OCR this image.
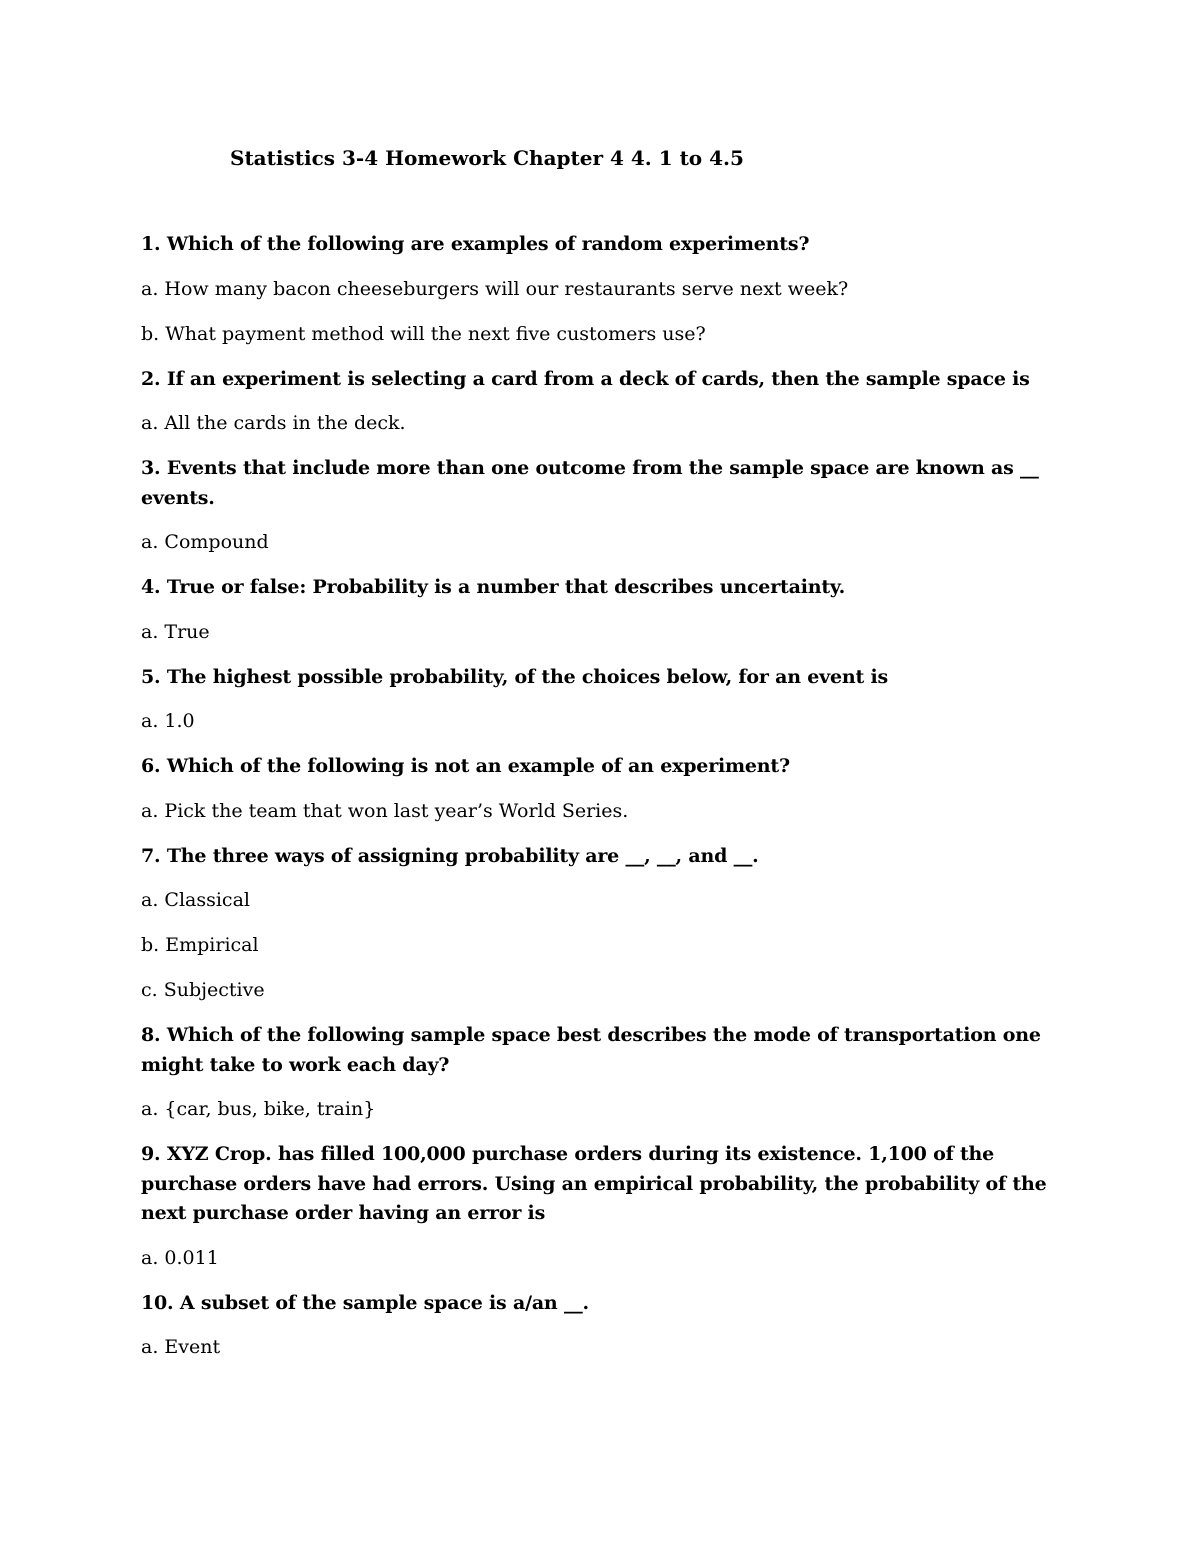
Statistics 3-4 Homework Chapter 4 4. 1 to 4.5
1. Which of the following are examples of random experiments?
a. How many bacon cheeseburgers will our restaurants serve next week?
b. What payment method will the next five customers use?
2. If an experiment is selecting a card from a deck of cards, then the sample space is
a. All the cards in the deck.
3. Events that include more than one outcome from the sample space are known as __ events.
a. Compound
4. True or false: Probability is a number that describes uncertainty.
a. True
5. The highest possible probability, of the choices below, for an event is
a. 1.0
6. Which of the following is not an example of an experiment?
a. Pick the team that won last year’s World Series.
7. The three ways of assigning probability are __, __, and __.
a. Classical
b. Empirical
c. Subjective
8. Which of the following sample space best describes the mode of transportation one might take to work each day?
a. {car, bus, bike, train}
9. XYZ Crop. has filled 100,000 purchase orders during its existence. 1,100 of the purchase orders have had errors. Using an empirical probability, the probability of the next purchase order having an error is
a. 0.011
10. A subset of the sample space is a/an __.
a. Event
